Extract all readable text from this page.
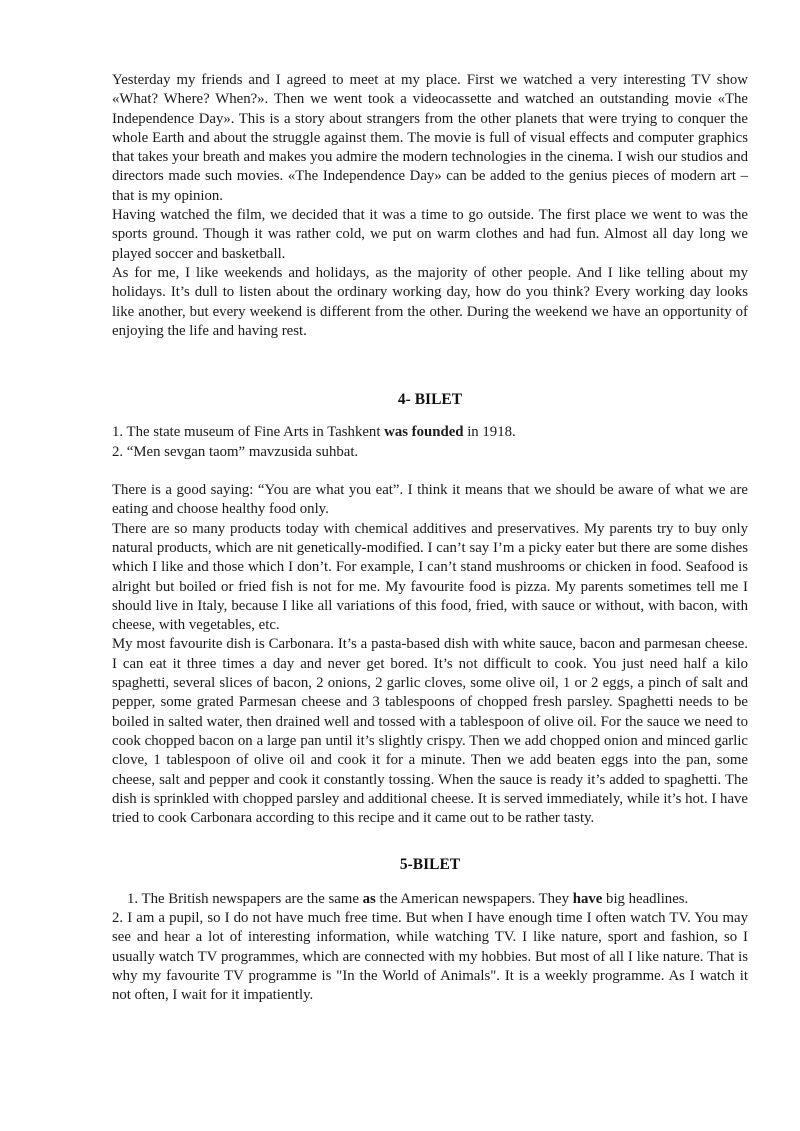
Yesterday my friends and I agreed to meet at my place. First we watched a very interesting TV show «What? Where? When?». Then we went took a videocassette and watched an outstanding movie «The Independence Day». This is a story about strangers from the other planets that were trying to conquer the whole Earth and about the struggle against them. The movie is full of visual effects and computer graphics that takes your breath and makes you admire the modern technologies in the cinema. I wish our studios and directors made such movies. «The Independence Day» can be added to the genius pieces of modern art – that is my opinion.

Having watched the film, we decided that it was a time to go outside. The first place we went to was the sports ground. Though it was rather cold, we put on warm clothes and had fun. Almost all day long we played soccer and basketball.

As for me, I like weekends and holidays, as the majority of other people. And I like telling about my holidays. It’s dull to listen about the ordinary working day, how do you think? Every working day looks like another, but every weekend is different from the other. During the weekend we have an opportunity of enjoying the life and having rest.

4- BILET

1. The state museum of Fine Arts in Tashkent was founded in 1918.

2. “Men sevgan taom” mavzusida suhbat.

There is a good saying: “You are what you eat”. I think it means that we should be aware of what we are eating and choose healthy food only.

There are so many products today with chemical additives and preservatives. My parents try to buy only natural products, which are nit genetically-modified. I can’t say I’m a picky eater but there are some dishes which I like and those which I don’t. For example, I can’t stand mushrooms or chicken in food. Seafood is alright but boiled or fried fish is not for me. My favourite food is pizza. My parents sometimes tell me I should live in Italy, because I like all variations of this food, fried, with sauce or without, with bacon, with cheese, with vegetables, etc.

My most favourite dish is Carbonara. It’s a pasta-based dish with white sauce, bacon and parmesan cheese. I can eat it three times a day and never get bored. It’s not difficult to cook. You just need half a kilo spaghetti, several slices of bacon, 2 onions, 2 garlic cloves, some olive oil, 1 or 2 eggs, a pinch of salt and pepper, some grated Parmesan cheese and 3 tablespoons of chopped fresh parsley. Spaghetti needs to be boiled in salted water, then drained well and tossed with a tablespoon of olive oil. For the sauce we need to cook chopped bacon on a large pan until it’s slightly crispy. Then we add chopped onion and minced garlic clove, 1 tablespoon of olive oil and cook it for a minute. Then we add beaten eggs into the pan, some cheese, salt and pepper and cook it constantly tossing. When the sauce is ready it’s added to spaghetti. The dish is sprinkled with chopped parsley and additional cheese. It is served immediately, while it’s hot. I have tried to cook Carbonara according to this recipe and it came out to be rather tasty.

5-BILET

1. The British newspapers are the same as the American newspapers. They have big headlines.

2. I am a pupil, so I do not have much free time. But when I have enough time I often watch TV. You may see and hear a lot of interesting information, while watching TV. I like nature, sport and fashion, so I usually watch TV programmes, which are connected with my hobbies. But most of all I like nature. That is why my favourite TV programme is "In the World of Animals". It is a weekly programme. As I watch it not often, I wait for it impatiently.
